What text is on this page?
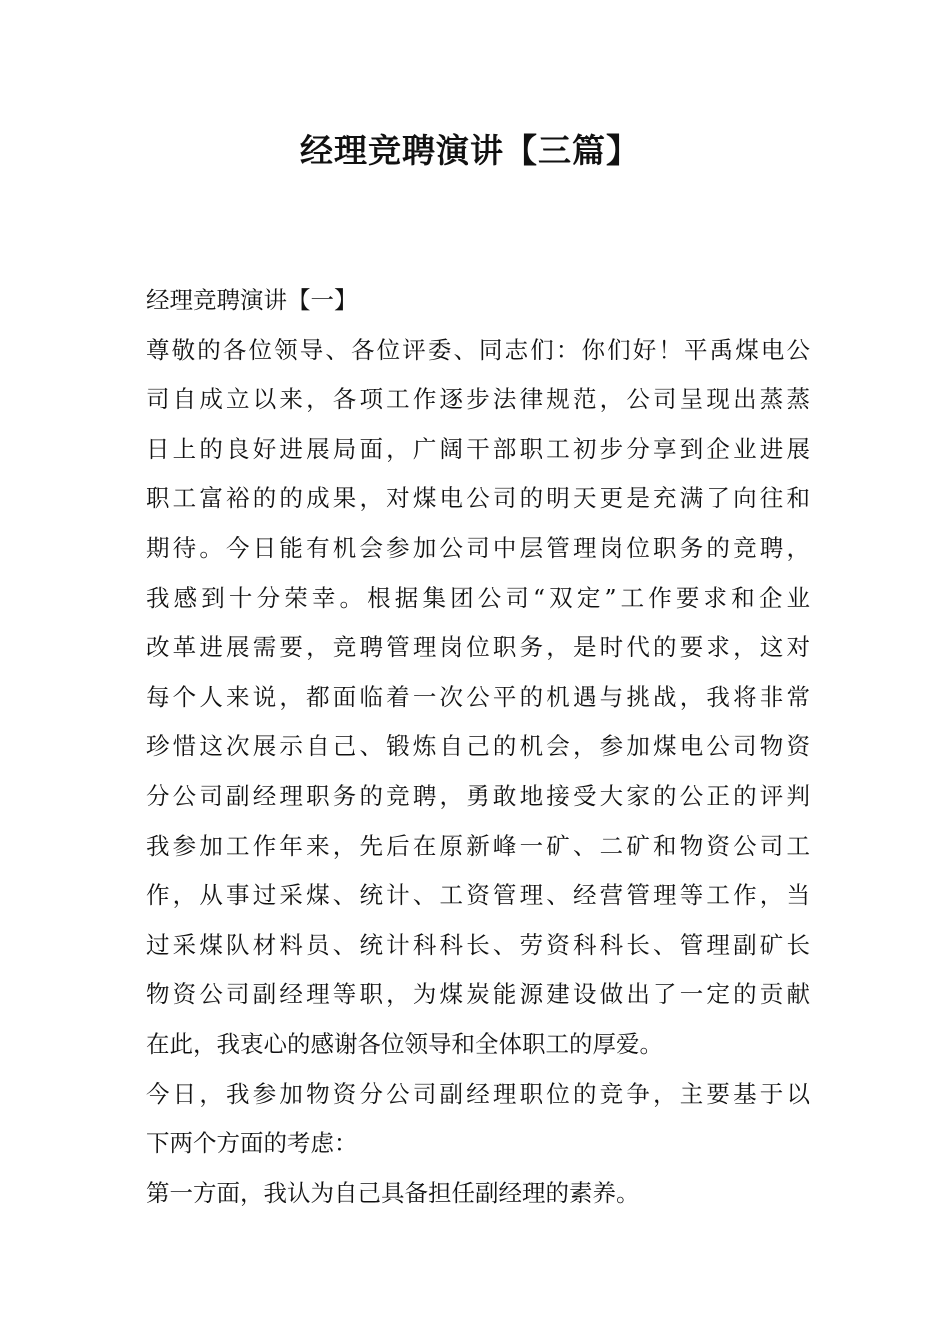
经理竞聘演讲【三篇】
经理竞聘演讲【一】
尊敬的各位领导、各位评委、同志们：你们好！平禹煤电公
司自成立以来，各项工作逐步法律规范，公司呈现出蒸蒸
日上的良好进展局面，广阔干部职工初步分享到企业进展
职工富裕的的成果，对煤电公司的明天更是充满了向往和
期待。今日能有机会参加公司中层管理岗位职务的竞聘，
我感到十分荣幸。根据集团公司“双定”工作要求和企业
改革进展需要，竞聘管理岗位职务，是时代的要求，这对
每个人来说，都面临着一次公平的机遇与挑战，我将非常
珍惜这次展示自己、锻炼自己的机会，参加煤电公司物资
分公司副经理职务的竞聘，勇敢地接受大家的公正的评判
我参加工作年来，先后在原新峰一矿、二矿和物资公司工
作，从事过采煤、统计、工资管理、经营管理等工作，当
过采煤队材料员、统计科科长、劳资科科长、管理副矿长
物资公司副经理等职，为煤炭能源建设做出了一定的贡献
在此，我衷心的感谢各位领导和全体职工的厚爱。
今日，我参加物资分公司副经理职位的竞争，主要基于以
下两个方面的考虑：
第一方面，我认为自己具备担任副经理的素养。
